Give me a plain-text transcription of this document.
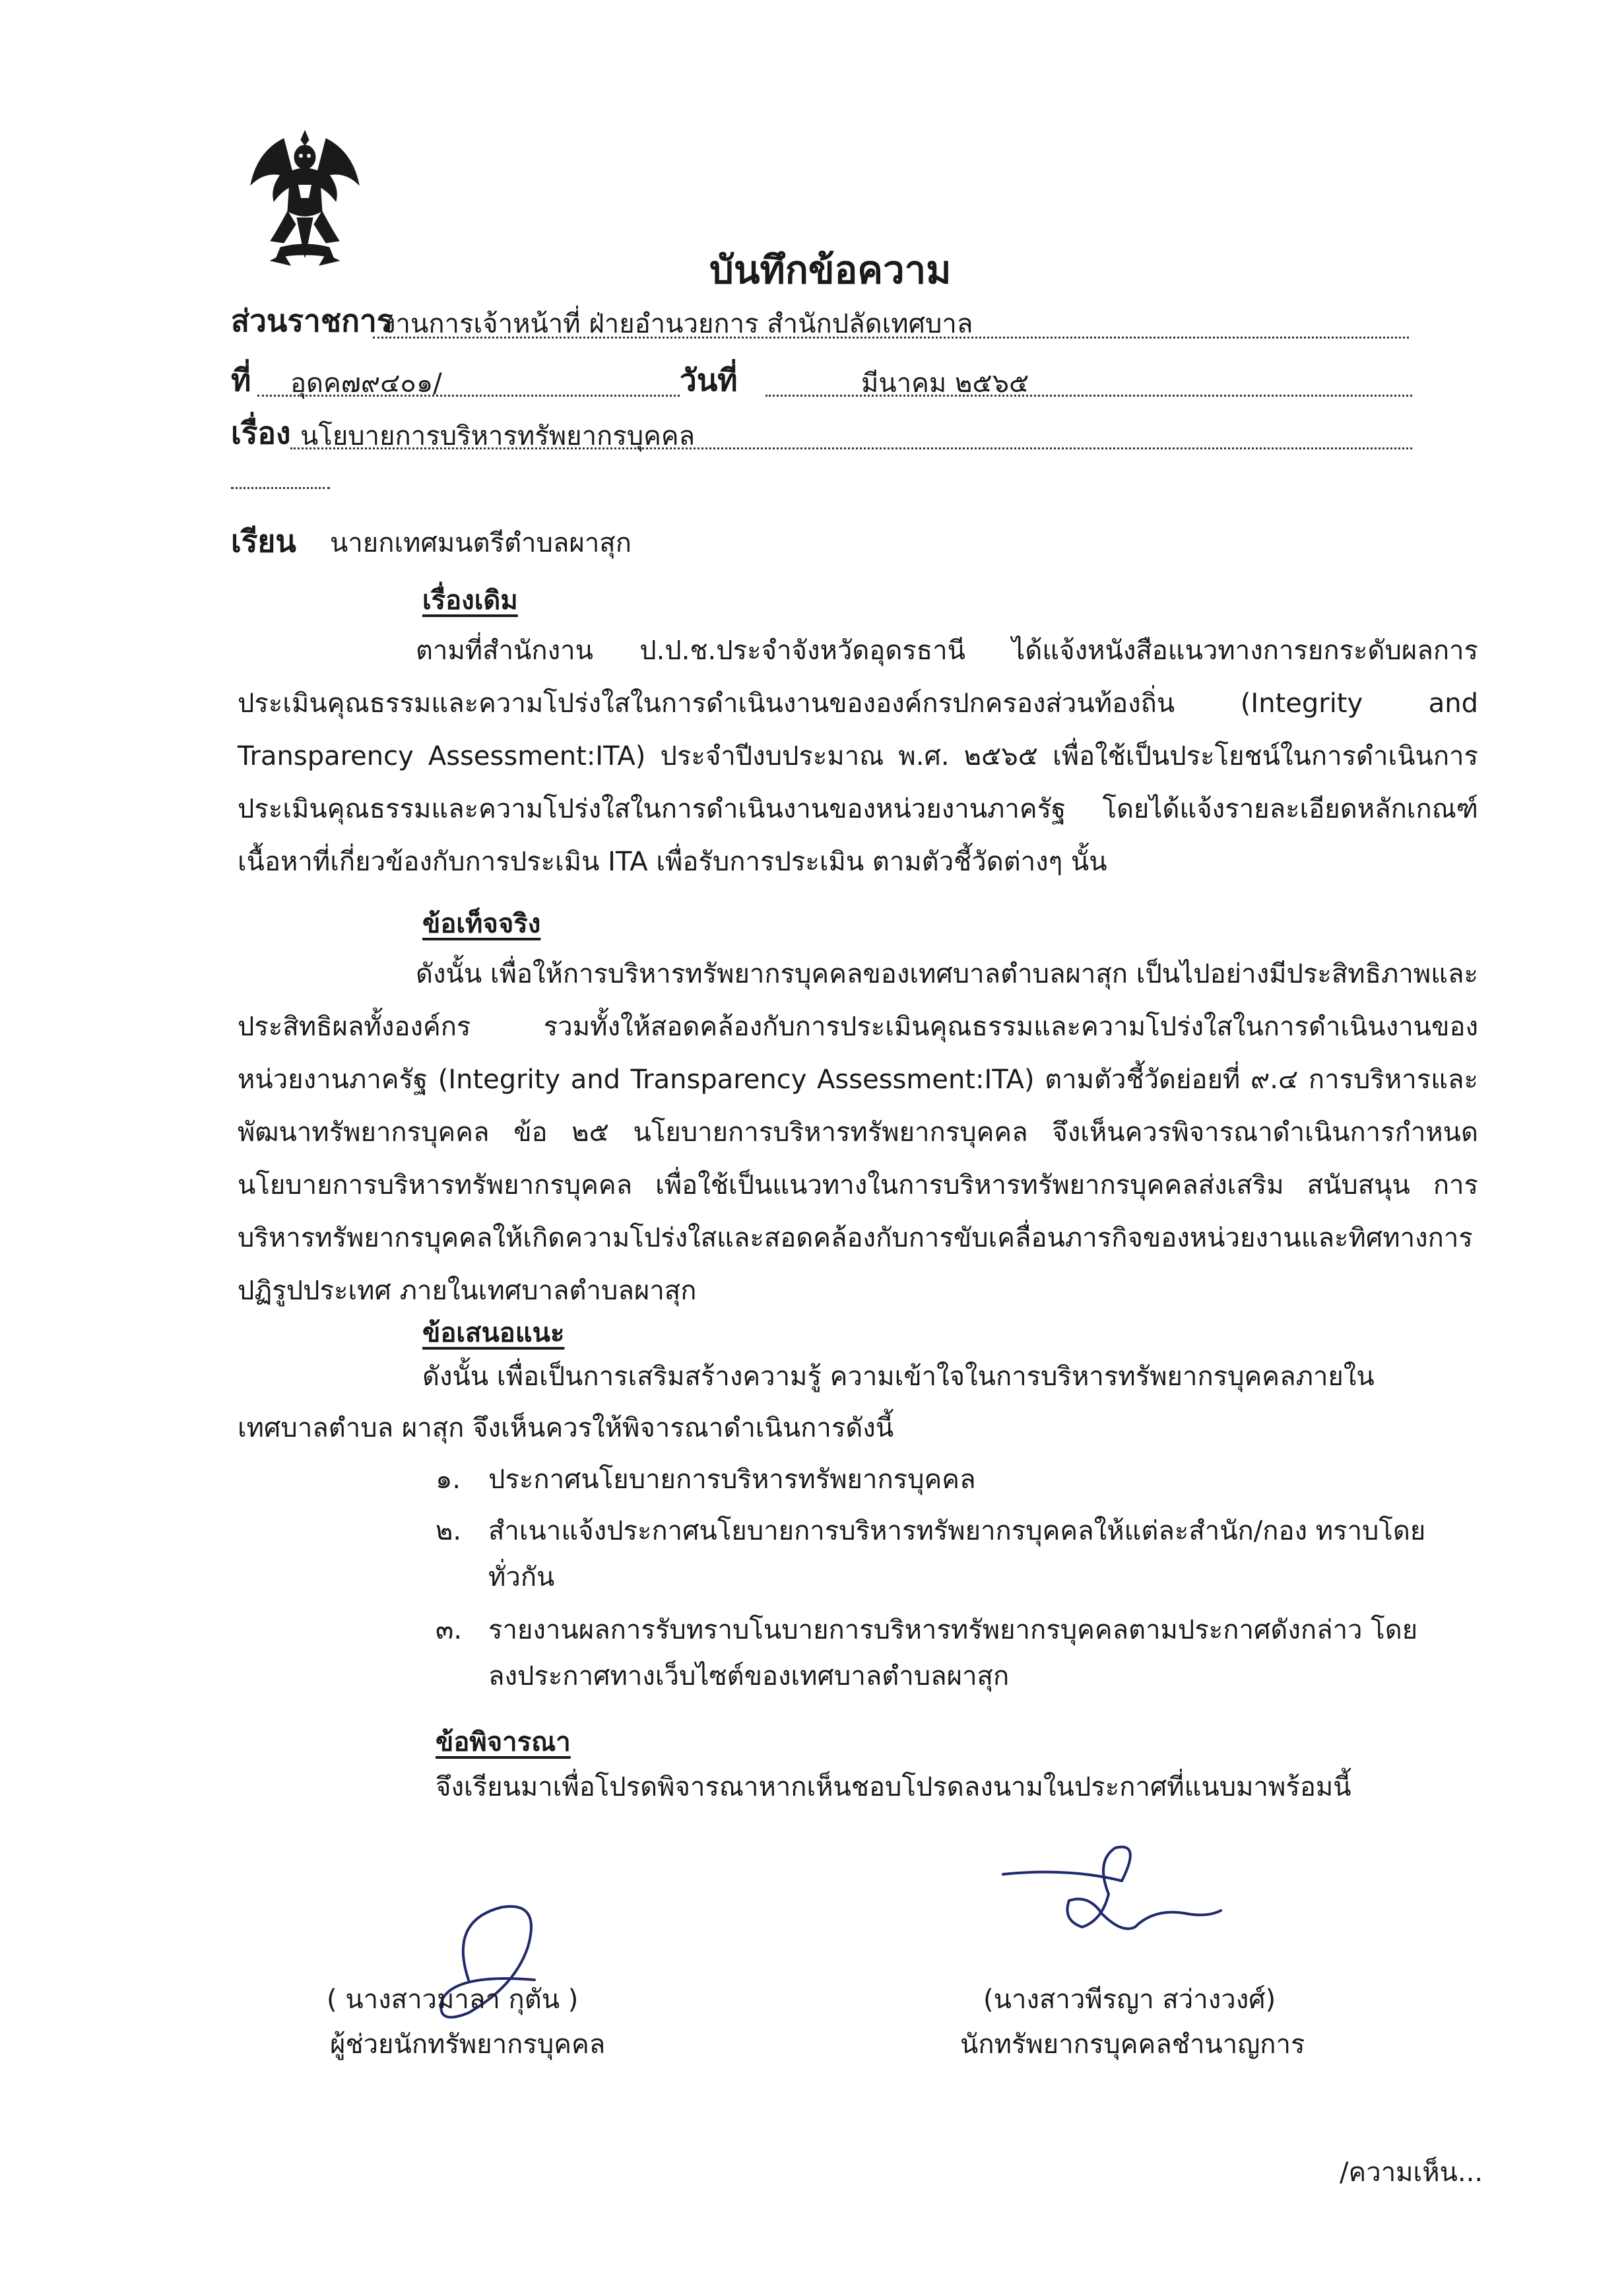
บันทึกข้อความ
ส่วนราชการ
งานการเจ้าหน้าที่ ฝ่ายอำนวยการ สำนักปลัดเทศบาล
ที่ อุดค๗๙๔๐๑/	วันที่	มีนาคม ๒๕๖๕
เรื่อง นโยบายการบริหารทรัพยากรบุคคล
เรียน นายกเทศมนตรีตำบลผาสุก
เรื่องเดิม
ตามที่สำนักงาน ป.ป.ช.ประจำจังหวัดอุดรธานี ได้แจ้งหนังสือแนวทางการยกระดับผลการประเมินคุณธรรมและความโปร่งใสในการดำเนินงานขององค์กรปกครองส่วนท้องถิ่น (Integrity and Transparency Assessment:ITA) ประจำปีงบประมาณ พ.ศ. ๒๕๖๕ เพื่อใช้เป็นประโยชน์ในการดำเนินการประเมินคุณธรรมและความโปร่งใสในการดำเนินงานของหน่วยงานภาครัฐ โดยได้แจ้งรายละเอียดหลักเกณฑ์เนื้อหาที่เกี่ยวข้องกับการประเมิน ITA เพื่อรับการประเมิน ตามตัวชี้วัดต่างๆ นั้น
ข้อเท็จจริง
ดังนั้น เพื่อให้การบริหารทรัพยากรบุคคลของเทศบาลตำบลผาสุก เป็นไปอย่างมีประสิทธิภาพและประสิทธิผลทั้งองค์กร รวมทั้งให้สอดคล้องกับการประเมินคุณธรรมและความโปร่งใสในการดำเนินงานของหน่วยงานภาครัฐ (Integrity and Transparency Assessment:ITA) ตามตัวชี้วัดย่อยที่ ๙.๔ การบริหารและพัฒนาทรัพยากรบุคคล ข้อ ๒๕ นโยบายการบริหารทรัพยากรบุคคล จึงเห็นควรพิจารณาดำเนินการกำหนดนโยบายการบริหารทรัพยากรบุคคล เพื่อใช้เป็นแนวทางในการบริหารทรัพยากรบุคคลส่งเสริม สนับสนุน การบริหารทรัพยากรบุคคลให้เกิดความโปร่งใสและสอดคล้องกับการขับเคลื่อนภารกิจของหน่วยงานและทิศทางการปฏิรูปประเทศ ภายในเทศบาลตำบลผาสุก
ข้อเสนอแนะ
ดังนั้น เพื่อเป็นการเสริมสร้างความรู้ ความเข้าใจในการบริหารทรัพยากรบุคคลภายใน
เทศบาลตำบล ผาสุก จึงเห็นควรให้พิจารณาดำเนินการดังนี้
๑. ประกาศนโยบายการบริหารทรัพยากรบุคคล
๒. สำเนาแจ้งประกาศนโยบายการบริหารทรัพยากรบุคคลให้แต่ละสำนัก/กอง ทราบโดย
ทั่วกัน
๓. รายงานผลการรับทราบโนบายการบริหารทรัพยากรบุคคลตามประกาศดังกล่าว โดย
ลงประกาศทางเว็บไซต์ของเทศบาลตำบลผาสุก
ข้อพิจารณา
จึงเรียนมาเพื่อโปรดพิจารณาหากเห็นชอบโปรดลงนามในประกาศที่แนบมาพร้อมนี้
( นางสาวมาลา กุตัน )
ผู้ช่วยนักทรัพยากรบุคคล
(นางสาวพีรญา สว่างวงศ์)
นักทรัพยากรบุคคลชำนาญการ
/ความเห็น...
